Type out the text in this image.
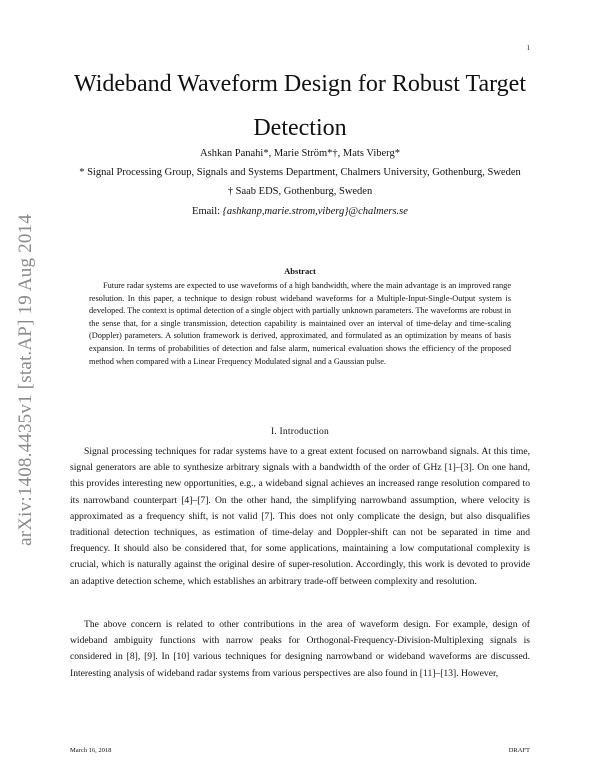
1
arXiv:1408.4435v1 [stat.AP] 19 Aug 2014
Wideband Waveform Design for Robust Target
Detection
Ashkan Panahi*, Marie Ström*†, Mats Viberg*
* Signal Processing Group, Signals and Systems Department, Chalmers University, Gothenburg, Sweden
† Saab EDS, Gothenburg, Sweden
Email: {ashkanp,marie.strom,viberg}@chalmers.se
Abstract
Future radar systems are expected to use waveforms of a high bandwidth, where the main advantage is an improved range resolution. In this paper, a technique to design robust wideband waveforms for a Multiple-Input-Single-Output system is developed. The context is optimal detection of a single object with partially unknown parameters. The waveforms are robust in the sense that, for a single transmission, detection capability is maintained over an interval of time-delay and time-scaling (Doppler) parameters. A solution framework is derived, approximated, and formulated as an optimization by means of basis expansion. In terms of probabilities of detection and false alarm, numerical evaluation shows the efficiency of the proposed method when compared with a Linear Frequency Modulated signal and a Gaussian pulse.
I. Introduction
Signal processing techniques for radar systems have to a great extent focused on narrowband signals. At this time, signal generators are able to synthesize arbitrary signals with a bandwidth of the order of GHz [1]–[3]. On one hand, this provides interesting new opportunities, e.g., a wideband signal achieves an increased range resolution compared to its narrowband counterpart [4]–[7]. On the other hand, the simplifying narrowband assumption, where velocity is approximated as a frequency shift, is not valid [7]. This does not only complicate the design, but also disqualifies traditional detection techniques, as estimation of time-delay and Doppler-shift can not be separated in time and frequency. It should also be considered that, for some applications, maintaining a low computational complexity is crucial, which is naturally against the original desire of super-resolution. Accordingly, this work is devoted to provide an adaptive detection scheme, which establishes an arbitrary trade-off between complexity and resolution.
The above concern is related to other contributions in the area of waveform design. For example, design of wideband ambiguity functions with narrow peaks for Orthogonal-Frequency-Division-Multiplexing signals is considered in [8], [9]. In [10] various techniques for designing narrowband or wideband waveforms are discussed. Interesting analysis of wideband radar systems from various perspectives are also found in [11]–[13]. However,
March 16, 2018	DRAFT
